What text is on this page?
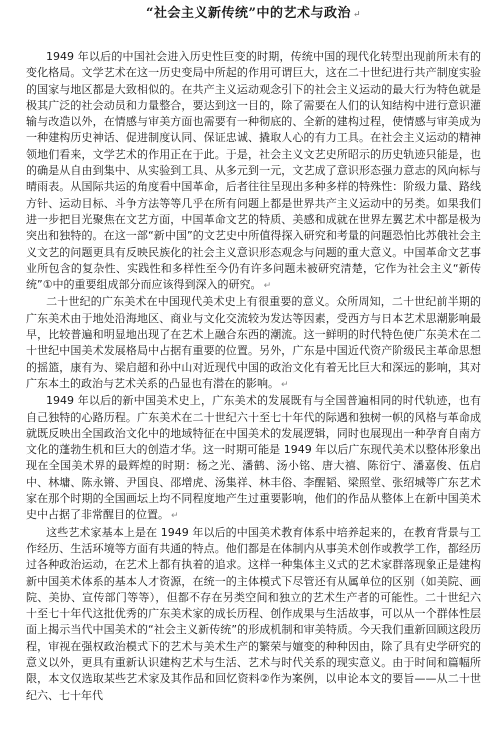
“社会主义新传统”中的艺术与政治 ↵

1949 年以后的中国社会进入历史性巨变的时期，传统中国的现代化转型出现前所未有的变化格局。文学艺术在这一历史变局中所起的作用可谓巨大，这在二十世纪进行共产制度实验的国家与地区都是大致相似的。在共产主义运动观念引下的社会主义运动的最大行为特色就是极其广泛的社会动员和力量整合，要达到这一目的，除了需要在人们的认知结构中进行意识灌输与改造以外，在情感与审美方面也需要有一种彻底的、全新的建构过程，使情感与审美成为一种建构历史神话、促进制度认同、保证忠诚、撬取人心的有力工具。在社会主义运动的精神领地们看来，文学艺术的作用正在于此。于是，社会主义文艺史所昭示的历史轨迹只能是，也的确是从自由到集中、从实验到工具、从多元到一元，文艺成了意识形态强力意志的风向标与晴雨表。从国际共运的角度看中国革命，后者往往呈现出多种多样的特殊性：阶级力量、路线方针、运动目标、斗争方法等等几乎在所有问题上都是世界共产主义运动中的另类。如果我们进一步把目光聚焦在文艺方面，中国革命文艺的特质、美感和成就在世界左翼艺术中都是极为突出和独特的。在这一部“新中国”的文艺史中所值得探入研究和考量的问题恐怕比苏俄社会主义文艺的问题更具有反映民族化的社会主义意识形态观念与问题的重大意义。中国革命文艺事业所包含的复杂性、实践性和多样性至今仍有许多问题未被研究清楚，它作为社会主义“新传统”①中的重要组成部分而应该得到深入的研究。 ↵

二十世纪的广东美术在中国现代美术史上有很重要的意义。众所周知，二十世纪前半期的广东美术由于地处沿海地区、商业与文化交流较为发达等因素，受西方与日本艺术思潮影响最早，比较普遍和明显地出现了在艺术上融合东西的潮流。这一鲜明的时代特色使广东美术在二十世纪中国美术发展格局中占据有重要的位置。另外，广东是中国近代资产阶级民主革命思想的摇篮，康有为、梁启超和孙中山对近现代中国的政治文化有着无比巨大和深远的影响，其对广东本土的政治与艺术关系的凸显也有潜在的影响。 ↵

1949 年以后的新中国美术史上，广东美术的发展既有与全国普遍相同的时代轨迹，也有自己独特的心路历程。广东美术在二十世纪六十至七十年代的际遇和独树一帜的风格与革命成就既反映出全国政治文化中的地域特征在中国美术的发展逻辑，同时也展现出一种孕育自南方文化的蓬勃生机和巨大的创造才华。这一时期可能是 1949 年以后广东现代美术以整体形象出现在全国美术界的最辉煌的时期：杨之光、潘鹤、汤小铭、唐大禧、陈衍宁、潘嘉俊、伍启中、林墉、陈永锵、尹国良、邵增虎、汤集祥、林丰俗、李醒韬、梁照堂、张绍城等广东艺术家在那个时期的全国画坛上均不同程度地产生过重要影响，他们的作品从整体上在新中国美术史中占据了非常醒目的位置。 ↵

这些艺术家基本上是在 1949 年以后的中国美术教育体系中培养起来的，在教育背景与工作经历、生活环境等方面有共通的特点。他们都是在体制内从事美术创作或教学工作，都经历过各种政治运动，在艺术上都有执着的追求。这样一种集体主义式的艺术家群落现象正是建构新中国美术体系的基本人才资源，在统一的主体模式下尽管还有从属单位的区别（如美院、画院、美协、宣传部门等等），但都不存在另类空间和独立的艺术生产者的可能性。二十世纪六十至七十年代这批优秀的广东美术家的成长历程、创作成果与生活故事，可以从一个群体性层面上揭示当代中国美术的“社会主义新传统”的形成机制和审美特质。今天我们重新回顾这段历程，审视在强权政治模式下的艺术与美术生产的繁荣与嬗变的种种因由，除了具有史学研究的意义以外，更具有重新认识建构艺术与生活、艺术与时代关系的现实意义。由于时间和篇幅所限，本文仅选取某些艺术家及其作品和回忆资料②作为案例，以申论本文的要旨——从二十世纪六、七十年代
